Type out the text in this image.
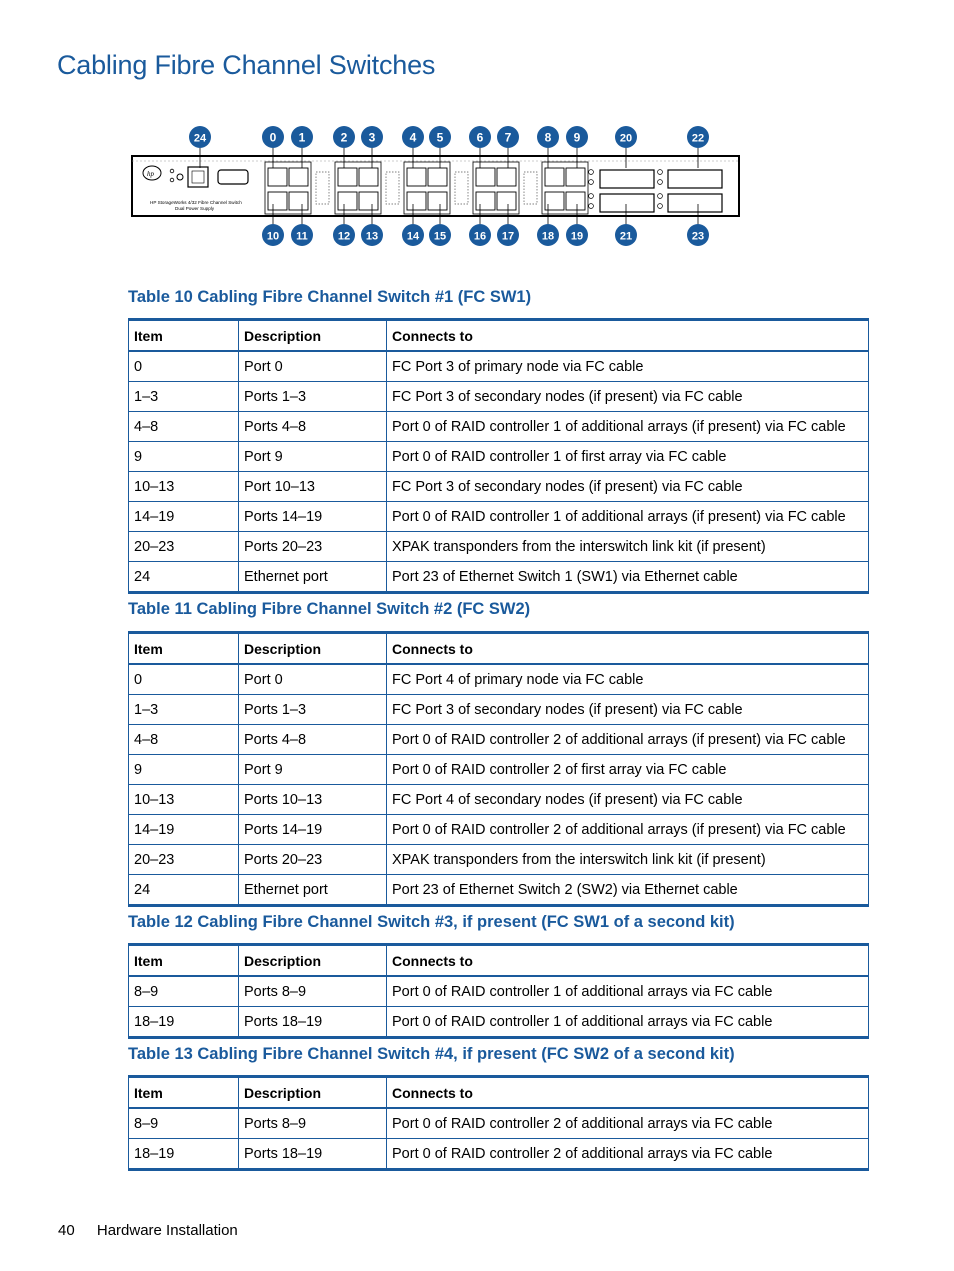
Cabling Fibre Channel Switches
hp
HP StorageWorks 4/32 Fibre Channel Switch
Dual Power Supply
24	0 1	2 3	4 5	6 7	8 9	20	22
10 11	12 13	14 15	16 17	18 19	21	23
Table 10 Cabling Fibre Channel Switch #1 (FC SW1)
Item	Description	Connects to
0	Port 0	FC Port 3 of primary node via FC cable
1–3	Ports 1–3	FC Port 3 of secondary nodes (if present) via FC cable
4–8	Ports 4–8	Port 0 of RAID controller 1 of additional arrays (if present) via FC cable
9	Port 9	Port 0 of RAID controller 1 of first array via FC cable
10–13	Port 10–13	FC Port 3 of secondary nodes (if present) via FC cable
14–19	Ports 14–19	Port 0 of RAID controller 1 of additional arrays (if present) via FC cable
20–23	Ports 20–23	XPAK transponders from the interswitch link kit (if present)
24	Ethernet port	Port 23 of Ethernet Switch 1 (SW1) via Ethernet cable
Table 11 Cabling Fibre Channel Switch #2 (FC SW2)
Item	Description	Connects to
0	Port 0	FC Port 4 of primary node via FC cable
1–3	Ports 1–3	FC Port 3 of secondary nodes (if present) via FC cable
4–8	Ports 4–8	Port 0 of RAID controller 2 of additional arrays (if present) via FC cable
9	Port 9	Port 0 of RAID controller 2 of first array via FC cable
10–13	Ports 10–13	FC Port 4 of secondary nodes (if present) via FC cable
14–19	Ports 14–19	Port 0 of RAID controller 2 of additional arrays (if present) via FC cable
20–23	Ports 20–23	XPAK transponders from the interswitch link kit (if present)
24	Ethernet port	Port 23 of Ethernet Switch 2 (SW2) via Ethernet cable
Table 12 Cabling Fibre Channel Switch #3, if present (FC SW1 of a second kit)
Item	Description	Connects to
8–9	Ports 8–9	Port 0 of RAID controller 1 of additional arrays via FC cable
18–19	Ports 18–19	Port 0 of RAID controller 1 of additional arrays via FC cable
Table 13 Cabling Fibre Channel Switch #4, if present (FC SW2 of a second kit)
Item	Description	Connects to
8–9	Ports 8–9	Port 0 of RAID controller 2 of additional arrays via FC cable
18–19	Ports 18–19	Port 0 of RAID controller 2 of additional arrays via FC cable
40 Hardware Installation
